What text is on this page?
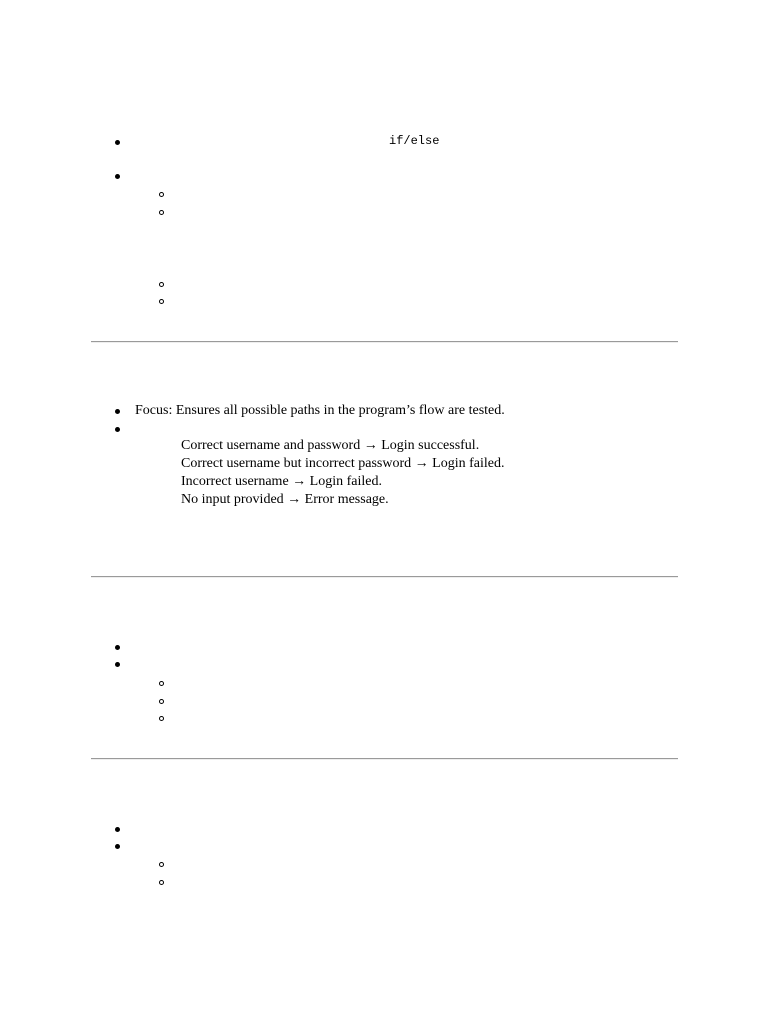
if/else
Focus: Ensures all possible paths in the program’s flow are tested.
Correct username and password → Login successful.
Correct username but incorrect password → Login failed.
Incorrect username → Login failed.
No input provided → Error message.
